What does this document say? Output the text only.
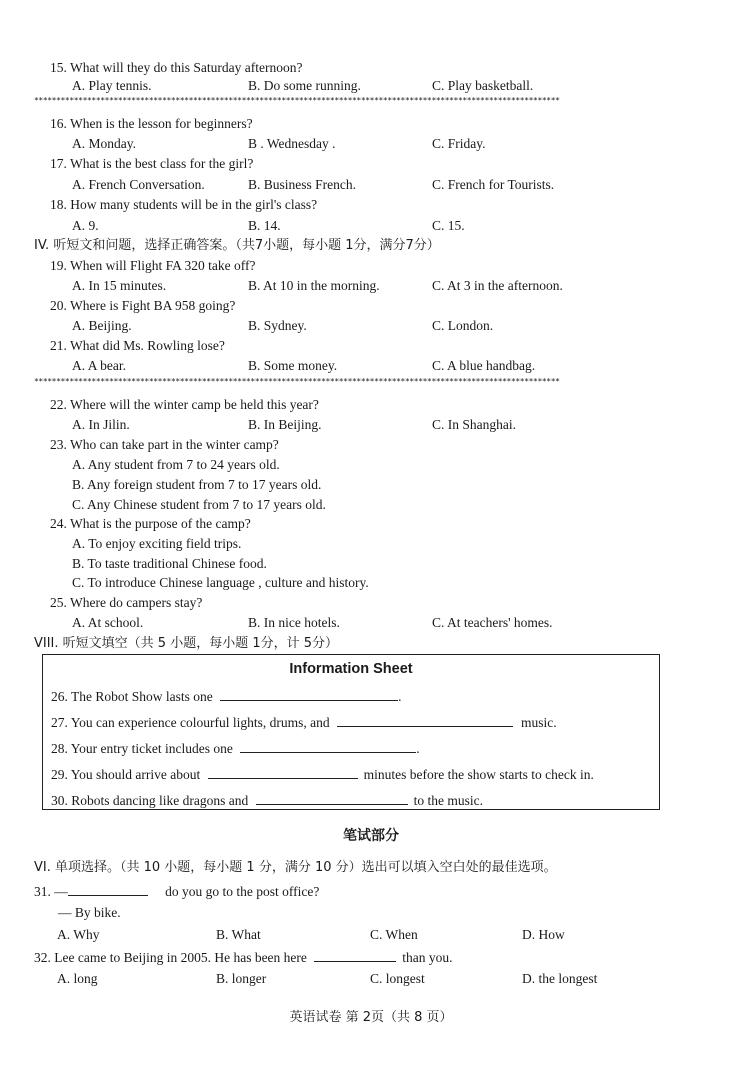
15. What will they do this Saturday afternoon?
A. Play tennis.	B. Do some running.	C. Play basketball.
***********************************************************************************************************************
16. When is the lesson for beginners?
A. Monday.	B . Wednesday .	C. Friday.
17. What is the best class for the girl?
A. French Conversation.	B. Business French.	C. French for Tourists.
18. How many students will be in the girl's class?
A. 9.	B. 14.	C. 15.
IV. 听短文和问题，选择正确答案。（共7小题，每小题 1分，满分7分）
19. When will Flight FA 320 take off?
A. In 15 minutes.	B. At 10 in the morning.	C. At 3 in the afternoon.
20. Where is Fight BA 958 going?
A. Beijing.	B. Sydney.	C. London.
21. What did Ms. Rowling lose?
A. A bear.	B. Some money.	C. A blue handbag.
***********************************************************************************************************************
22. Where will the winter camp be held this year?
A. In Jilin.	B. In Beijing.	C. In Shanghai.
23. Who can take part in the winter camp?
A. Any student from 7 to 24 years old.
B. Any foreign student from 7 to 17 years old.
C. Any Chinese student from 7 to 17 years old.
24. What is the purpose of the camp?
A. To enjoy exciting field trips.
B. To taste traditional Chinese food.
C. To introduce Chinese language , culture and history.
25. Where do campers stay?
A. At school.	B. In nice hotels.	C. At teachers' homes.
VIII. 听短文填空（共 5 小题，每小题 1分，计 5分）
Information Sheet
26. The Robot Show lasts one	.
27. You can experience colourful lights, drums, and	music.
28. Your entry ticket includes one	.
29. You should arrive about	minutes before the show starts to check in.
30. Robots dancing like dragons and	to the music.
笔试部分
VI. 单项选择。（共 10 小题，每小题 1 分，满分 10 分）选出可以填入空白处的最佳选项。
31. —	do you go to the post office?
— By bike.
A. Why	B. What	C. When	D. How
32. Lee came to Beijing in 2005. He has been here	than you.
A. long	B. longer	C. longest	D. the longest
英语试卷 第 2页（共 8 页）
